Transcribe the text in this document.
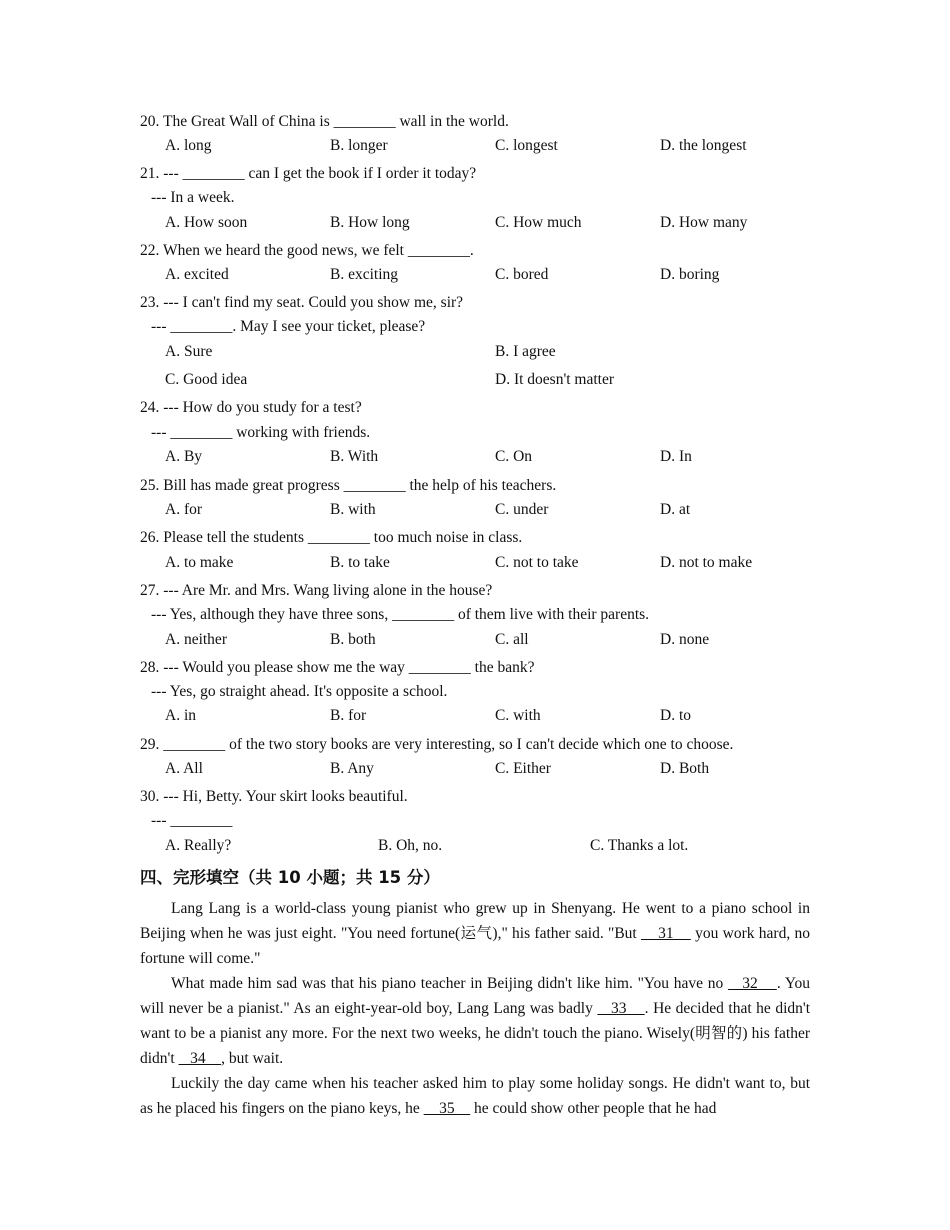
20. The Great Wall of China is ________ wall in the world.
A. long	B. longer	C. longest	D. the longest
21. --- ________ can I get the book if I order it today?
--- In a week.
A. How soon	B. How long	C. How much	D. How many
22. When we heard the good news, we felt ________.
A. excited	B. exciting	C. bored	D. boring
23. --- I can't find my seat. Could you show me, sir?
--- ________. May I see your ticket, please?
A. Sure	B. I agree
C. Good idea	D. It doesn't matter
24. --- How do you study for a test?
--- ________ working with friends.
A. By	B. With	C. On	D. In
25. Bill has made great progress ________ the help of his teachers.
A. for	B. with	C. under	D. at
26. Please tell the students ________ too much noise in class.
A. to make	B. to take	C. not to take	D. not to make
27. --- Are Mr. and Mrs. Wang living alone in the house?
--- Yes, although they have three sons, ________ of them live with their parents.
A. neither	B. both	C. all	D. none
28. --- Would you please show me the way ________ the bank?
--- Yes, go straight ahead. It's opposite a school.
A. in	B. for	C. with	D. to
29. ________ of the two story books are very interesting, so I can't decide which one to choose.
A. All	B. Any	C. Either	D. Both
30. --- Hi, Betty. Your skirt looks beautiful.
--- ________
A. Really?	B. Oh, no.	C. Thanks a lot.
四、完形填空（共 10 小题；共 15 分）

Lang Lang is a world-class young pianist who grew up in Shenyang. He went to a piano school in Beijing when he was just eight. "You need fortune(运气)," his father said. "But     31     you work hard, no fortune will come."

What made him sad was that his piano teacher in Beijing didn't like him. "You have no    32    . You will never be a pianist." As an eight-year-old boy, Lang Lang was badly    33    . He decided that he didn't want to be a pianist any more. For the next two weeks, he didn't touch the piano. Wisely(明智的) his father didn't    34    , but wait.

Luckily the day came when his teacher asked him to play some holiday songs. He didn't want to, but as he placed his fingers on the piano keys, he     35     he could show other people that he had
